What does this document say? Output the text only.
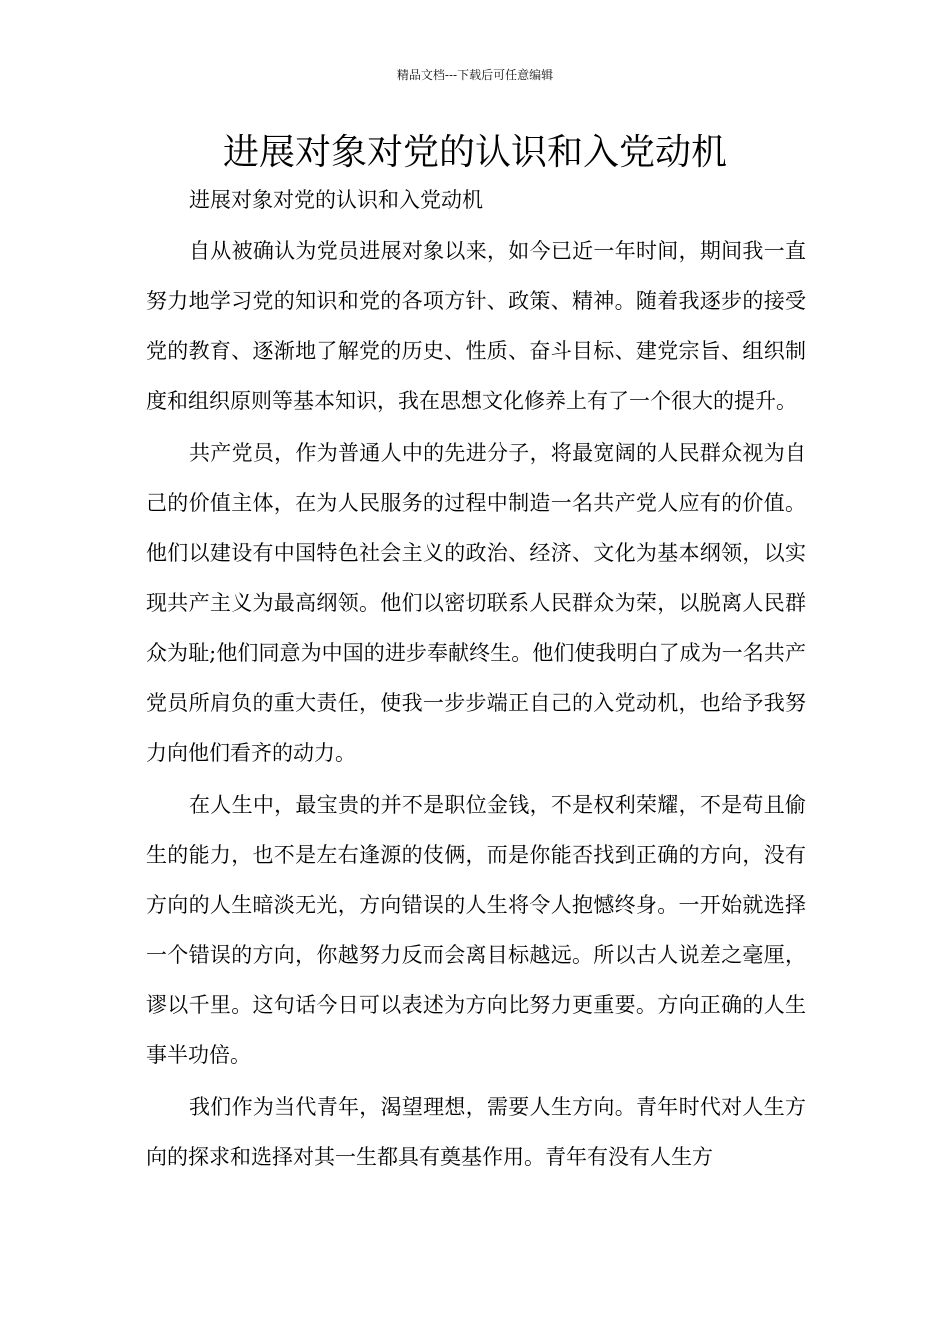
精品文档---下载后可任意编辑
进展对象对党的认识和入党动机

进展对象对党的认识和入党动机

自从被确认为党员进展对象以来，如今已近一年时间，期间我一直努力地学习党的知识和党的各项方针、政策、精神。随着我逐步的接受党的教育、逐渐地了解党的历史、性质、奋斗目标、建党宗旨、组织制度和组织原则等基本知识，我在思想文化修养上有了一个很大的提升。

共产党员，作为普通人中的先进分子，将最宽阔的人民群众视为自己的价值主体，在为人民服务的过程中制造一名共产党人应有的价值。他们以建设有中国特色社会主义的政治、经济、文化为基本纲领，以实现共产主义为最高纲领。他们以密切联系人民群众为荣，以脱离人民群众为耻;他们同意为中国的进步奉献终生。他们使我明白了成为一名共产党员所肩负的重大责任，使我一步步端正自己的入党动机，也给予我努力向他们看齐的动力。

在人生中，最宝贵的并不是职位金钱，不是权利荣耀，不是苟且偷生的能力，也不是左右逢源的伎俩，而是你能否找到正确的方向，没有方向的人生暗淡无光，方向错误的人生将令人抱憾终身。一开始就选择一个错误的方向，你越努力反而会离目标越远。所以古人说差之毫厘，谬以千里。这句话今日可以表述为方向比努力更重要。方向正确的人生事半功倍。

我们作为当代青年，渴望理想，需要人生方向。青年时代对人生方向的探求和选择对其一生都具有奠基作用。青年有没有人生方
